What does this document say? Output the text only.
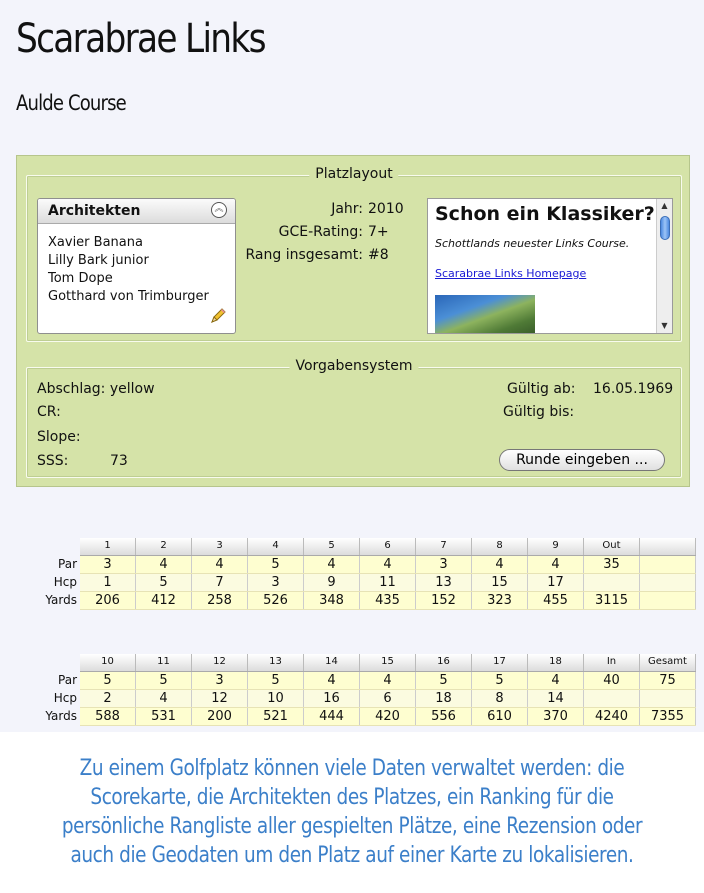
Scarabrae Links
Aulde Course
Platzlayout
Architekten	︽
Xavier Banana
Lilly Bark junior
Tom Dope
Gotthard von Trimburger
Jahr: 2010
GCE-Rating: 7+
Rang insgesamt: #8
Schon ein Klassiker?
Schottlands neuester Links Course.
Scarabrae Links Homepage
▲
▼
Vorgabensystem
Abschlag: yellow
CR:
Slope:
SSS:	73
Gültig ab: 16.05.1969
Gültig bis:
Runde eingeben ...
	1	2	3	4	5	6	7	8	9	Out	
Par	3	4	4	5	4	4	3	4	4	35	
Hcp	1	5	7	3	9	11	13	15	17		
Yards	206	412	258	526	348	435	152	323	455	3115	
	10	11	12	13	14	15	16	17	18	In	Gesamt
Par	5	5	3	5	4	4	5	5	4	40	75
Hcp	2	4	12	10	16	6	18	8	14		
Yards	588	531	200	521	444	420	556	610	370	4240	7355
Zu einem Golfplatz können viele Daten verwaltet werden: die
Scorekarte, die Architekten des Platzes, ein Ranking für die
persönliche Rangliste aller gespielten Plätze, eine Rezension oder
auch die Geodaten um den Platz auf einer Karte zu lokalisieren.
